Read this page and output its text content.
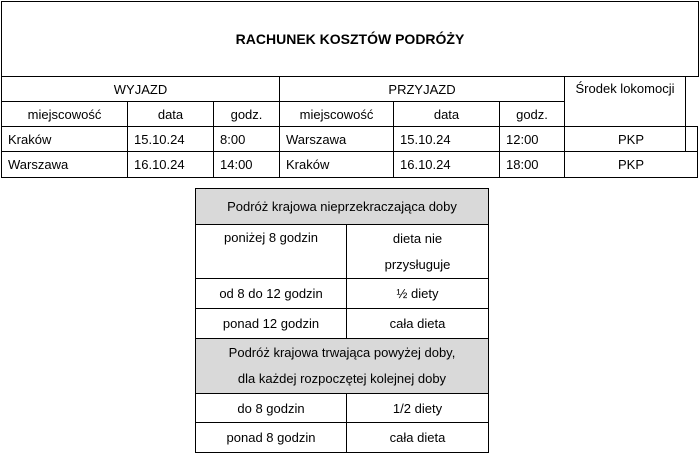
RACHUNEK KOSZTÓW PODRÓŻY
WYJAZD	PRZYJAZD	Środek lokomocji
miejscowość	data	godz.	miejscowość	data	godz.
Kraków	15.10.24	8:00	Warszawa	15.10.24	12:00	PKP
Warszawa	16.10.24	14:00	Kraków	16.10.24	18:00	PKP
Podróż krajowa nieprzekraczająca doby
poniżej 8 godzin	dieta nie
przysługuje
od 8 do 12 godzin	½ diety
ponad 12 godzin	cała dieta
Podróż krajowa trwająca powyżej doby,
dla każdej rozpoczętej kolejnej doby
do 8 godzin	1/2 diety
ponad 8 godzin	cała dieta
